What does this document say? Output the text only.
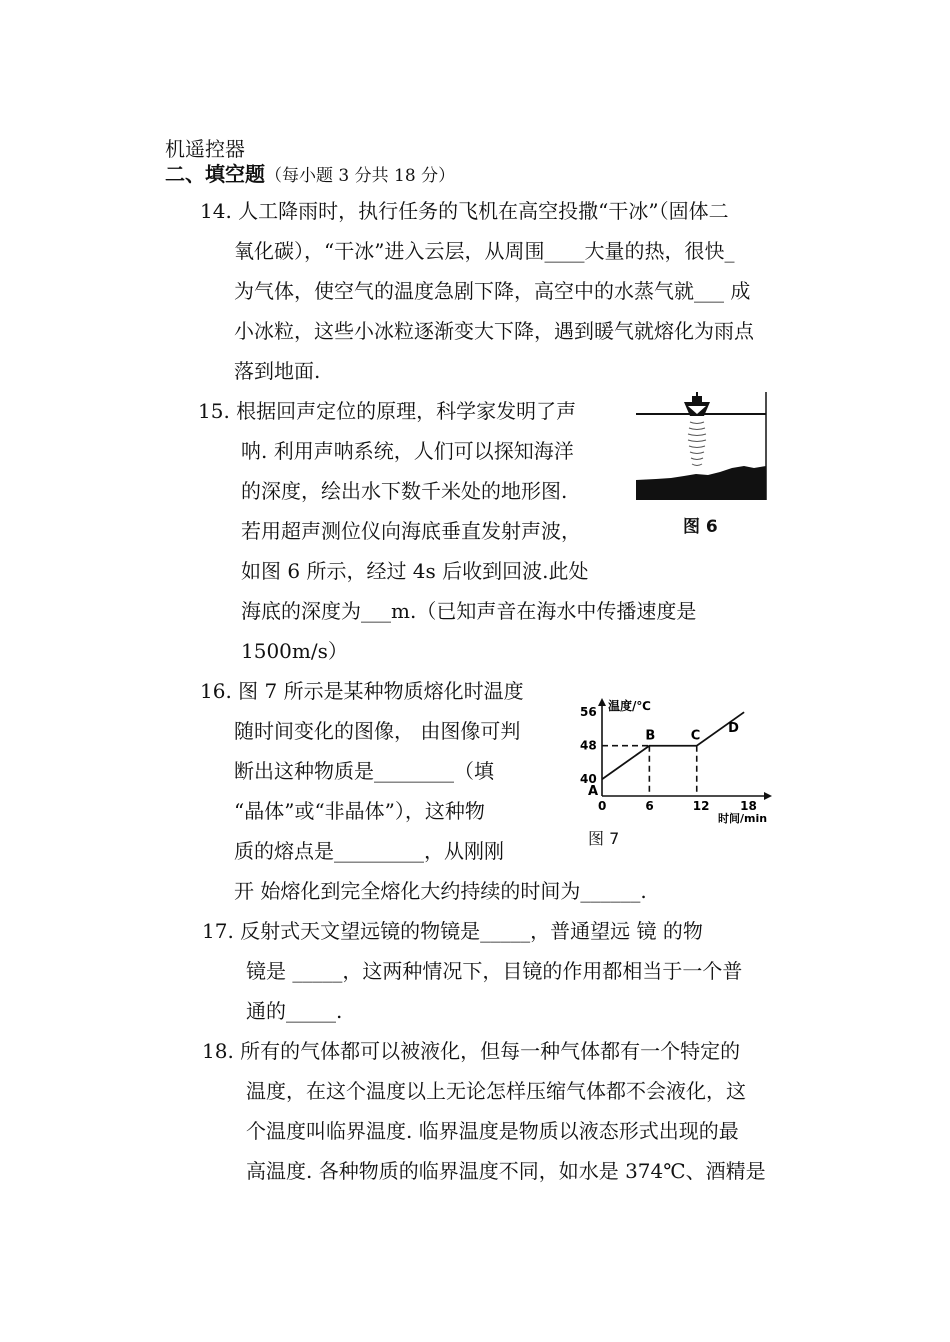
机遥控器
二、填空题（每小题 3 分共 18 分）
14. 人工降雨时，执行任务的飞机在高空投撒“干冰”（固体二
氧化碳），“干冰”进入云层，从周围____大量的热，很快_
为气体，使空气的温度急剧下降，高空中的水蒸气就___ 成
小冰粒，这些小冰粒逐渐变大下降，遇到暖气就熔化为雨点
落到地面.
15. 根据回声定位的原理，科学家发明了声
呐. 利用声呐系统，人们可以探知海洋
的深度，绘出水下数千米处的地形图.
若用超声测位仪向海底垂直发射声波，
如图 6 所示，经过 4s 后收到回波.此处
海底的深度为___m.（已知声音在海水中传播速度是
1500m/s）
图 6
16. 图 7 所示是某种物质熔化时温度
随时间变化的图像， 由图像可判
断出这种物质是________（填
“晶体”或“非晶体”），这种物
质的熔点是_________，从刚刚
开 始熔化到完全熔化大约持续的时间为______.
温度/℃
时间/min
0	6	12	18
40
48
56
A
B	C
D
图 7
17. 反射式天文望远镜的物镜是_____，普通望远 镜 的物
镜是 _____，这两种情况下，目镜的作用都相当于一个普
通的_____.
18. 所有的气体都可以被液化，但每一种气体都有一个特定的
温度，在这个温度以上无论怎样压缩气体都不会液化，这
个温度叫临界温度. 临界温度是物质以液态形式出现的最
高温度. 各种物质的临界温度不同，如水是 374℃、酒精是
